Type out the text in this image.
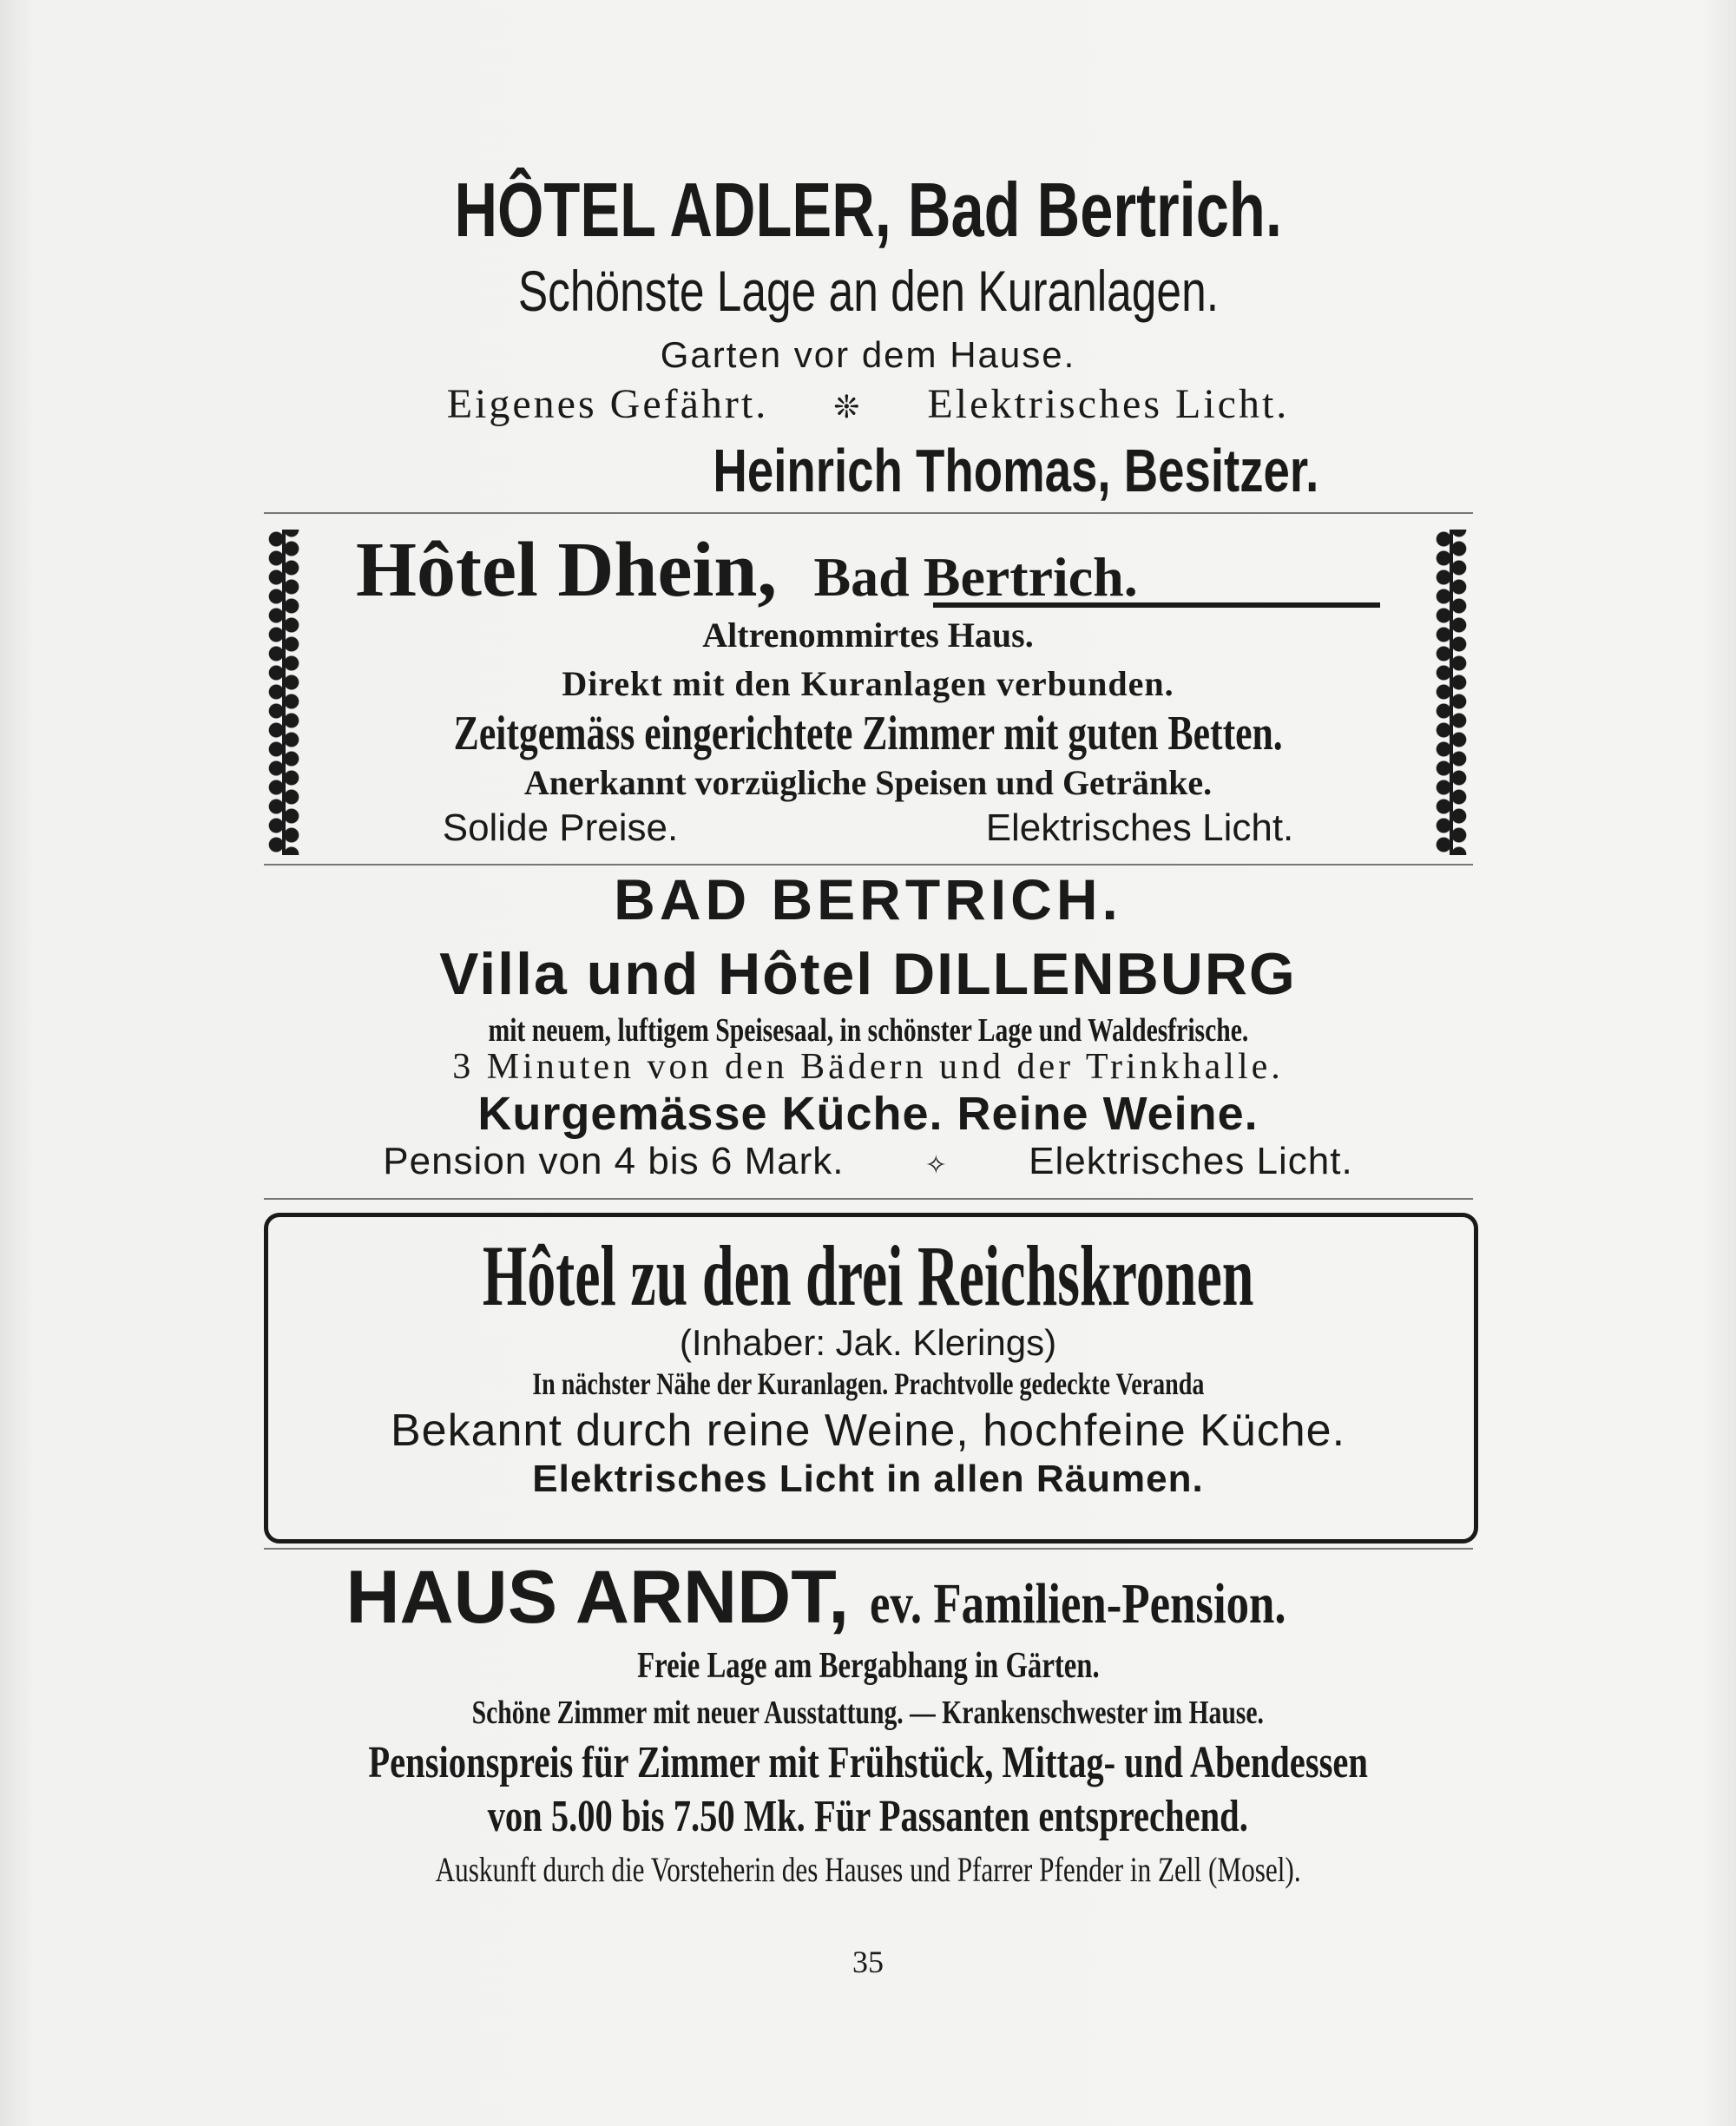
HÔTEL ADLER, Bad Bertrich.
Schönste Lage an den Kuranlagen.
Garten vor dem Hause.
Eigenes Gefährt. ❊ Elektrisches Licht.
Heinrich Thomas, Besitzer.
Hôtel Dhein, Bad Bertrich.
Altrenommirtes Haus.
Direkt mit den Kuranlagen verbunden.
Zeitgemäss eingerichtete Zimmer mit guten Betten.
Anerkannt vorzügliche Speisen und Getränke.
Solide Preise.	Elektrisches Licht.
BAD BERTRICH.
Villa und Hôtel DILLENBURG
mit neuem, luftigem Speisesaal, in schönster Lage und Waldesfrische.
3 Minuten von den Bädern und der Trinkhalle.
Kurgemässe Küche. Reine Weine.
Pension von 4 bis 6 Mark.	✧ Elektrisches Licht.
Hôtel zu den drei Reichskronen
(Inhaber: Jak. Klerings)
In nächster Nähe der Kuranlagen. Prachtvolle gedeckte Veranda
Bekannt durch reine Weine, hochfeine Küche.
Elektrisches Licht in allen Räumen.
HAUS ARNDT, ev. Familien-Pension.
Freie Lage am Bergabhang in Gärten.
Schöne Zimmer mit neuer Ausstattung. — Krankenschwester im Hause.
Pensionspreis für Zimmer mit Frühstück, Mittag- und Abendessen
von 5.00 bis 7.50 Mk. Für Passanten entsprechend.
Auskunft durch die Vorsteherin des Hauses und Pfarrer Pfender in Zell (Mosel).
35
